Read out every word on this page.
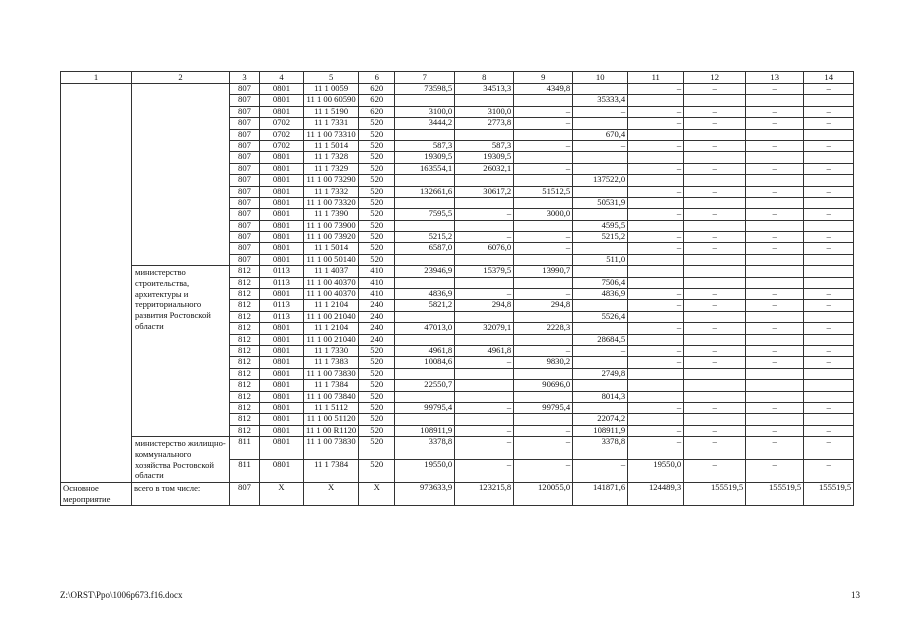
1	2	3	4	5	6	7	8	9	10	11	12	13	14
		807	0801	11 1 0059	620	73598,5	34513,3	4349,8		–	–	–	–
		807	0801	11 1 00 60590	620				35333,4				
		807	0801	11 1 5190	620	3100,0	3100,0	–	–	–	–	–	–
		807	0702	11 1 7331	520	3444,2	2773,8	–		–	–	–	–
		807	0702	11 1 00 73310	520				670,4				
		807	0702	11 1 5014	520	587,3	587,3	–	–	–	–	–	–
		807	0801	11 1 7328	520	19309,5	19309,5						
		807	0801	11 1 7329	520	163554,1	26032,1	–		–	–	–	–
		807	0801	11 1 00 73290	520				137522,0				
		807	0801	11 1 7332	520	132661,6	30617,2	51512,5		–	–	–	–
		807	0801	11 1 00 73320	520				50531,9				
		807	0801	11 1 7390	520	7595,5	–	3000,0		–	–	–	–
		807	0801	11 1 00 73900	520				4595,5				
		807	0801	11 1 00 73920	520	5215,2	–	–	5215,2	–	–	–	–
		807	0801	11 1 5014	520	6587,0	6076,0	–		–	–	–	–
		807	0801	11 1 00 50140	520				511,0				
	министерство строительства, архитектуры и территориального развития Ростовской области	812	0113	11 1 4037	410	23946,9	15379,5	13990,7					
		812	0113	11 1 00 40370	410				7506,4				
		812	0801	11 1 00 40370	410	4836,9	–	–	4836,9	–	–	–	–
		812	0113	11 1 2104	240	5821,2	294,8	294,8		–	–	–	–
		812	0113	11 1 00 21040	240				5526,4				
		812	0801	11 1 2104	240	47013,0	32079,1	2228,3		–	–	–	–
		812	0801	11 1 00 21040	240				28684,5				
		812	0801	11 1 7330	520	4961,8	4961,8	–	–	–	–	–	–
		812	0801	11 1 7383	520	10084,6	–	9830,2		–	–	–	–
		812	0801	11 1 00 73830	520				2749,8				
		812	0801	11 1 7384	520	22550,7		90696,0					
		812	0801	11 1 00 73840	520				8014,3				
		812	0801	11 1 5112	520	99795,4	–	99795,4		–	–	–	–
		812	0801	11 1 00 51120	520				22074,2				
		812	0801	11 1 00 R1120	520	108911,9	–	–	108911,9	–	–	–	–
	министерство жилищно-коммунального хозяйства Ростовской области	811	0801	11 1 00 73830	520	3378,8	–	–	3378,8	–	–	–	–
		811	0801	11 1 7384	520	19550,0	–	–	–	19550,0	–	–	–
Основное мероприятие	всего в том числе:	807	X	X	X	973633,9	123215,8	120055,0	141871,6	124489,3	155519,5	155519,5	155519,5
Z:\ORST\Ppo\1006p673.f16.docx	13
